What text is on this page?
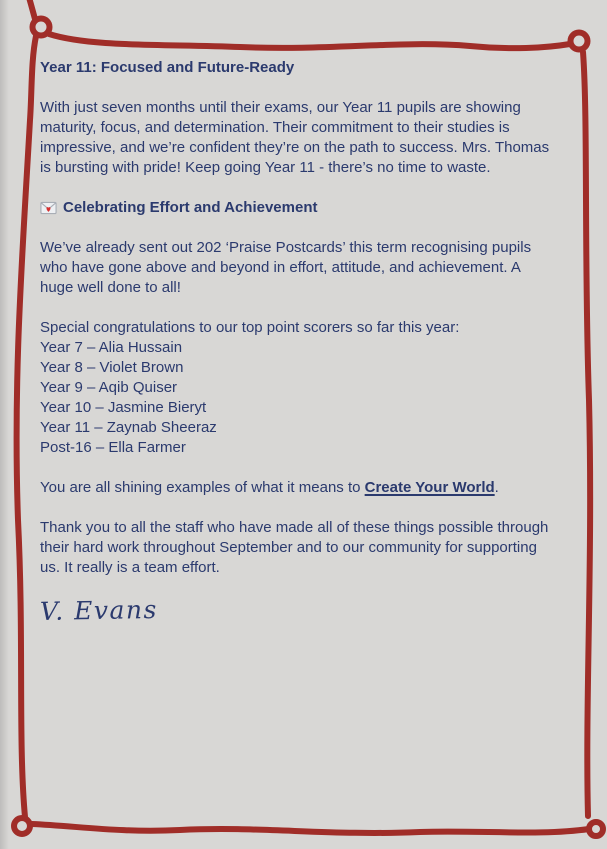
Year 11: Focused and Future-Ready
With just seven months until their exams, our Year 11 pupils are showing
maturity, focus, and determination. Their commitment to their studies is
impressive, and we’re confident they’re on the path to success. Mrs. Thomas
is bursting with pride! Keep going Year 11 - there’s no time to waste.
Celebrating Effort and Achievement
We’ve already sent out 202 ‘Praise Postcards’ this term recognising pupils
who have gone above and beyond in effort, attitude, and achievement. A
huge well done to all!
Special congratulations to our top point scorers so far this year:
Year 7 – Alia Hussain
Year 8 – Violet Brown
Year 9 – Aqib Quiser
Year 10 – Jasmine Bieryt
Year 11 – Zaynab Sheeraz
Post-16 – Ella Farmer
You are all shining examples of what it means to Create Your World.
Thank you to all the staff who have made all of these things possible through
their hard work throughout September and to our community for supporting
us. It really is a team effort.
V. Evans
